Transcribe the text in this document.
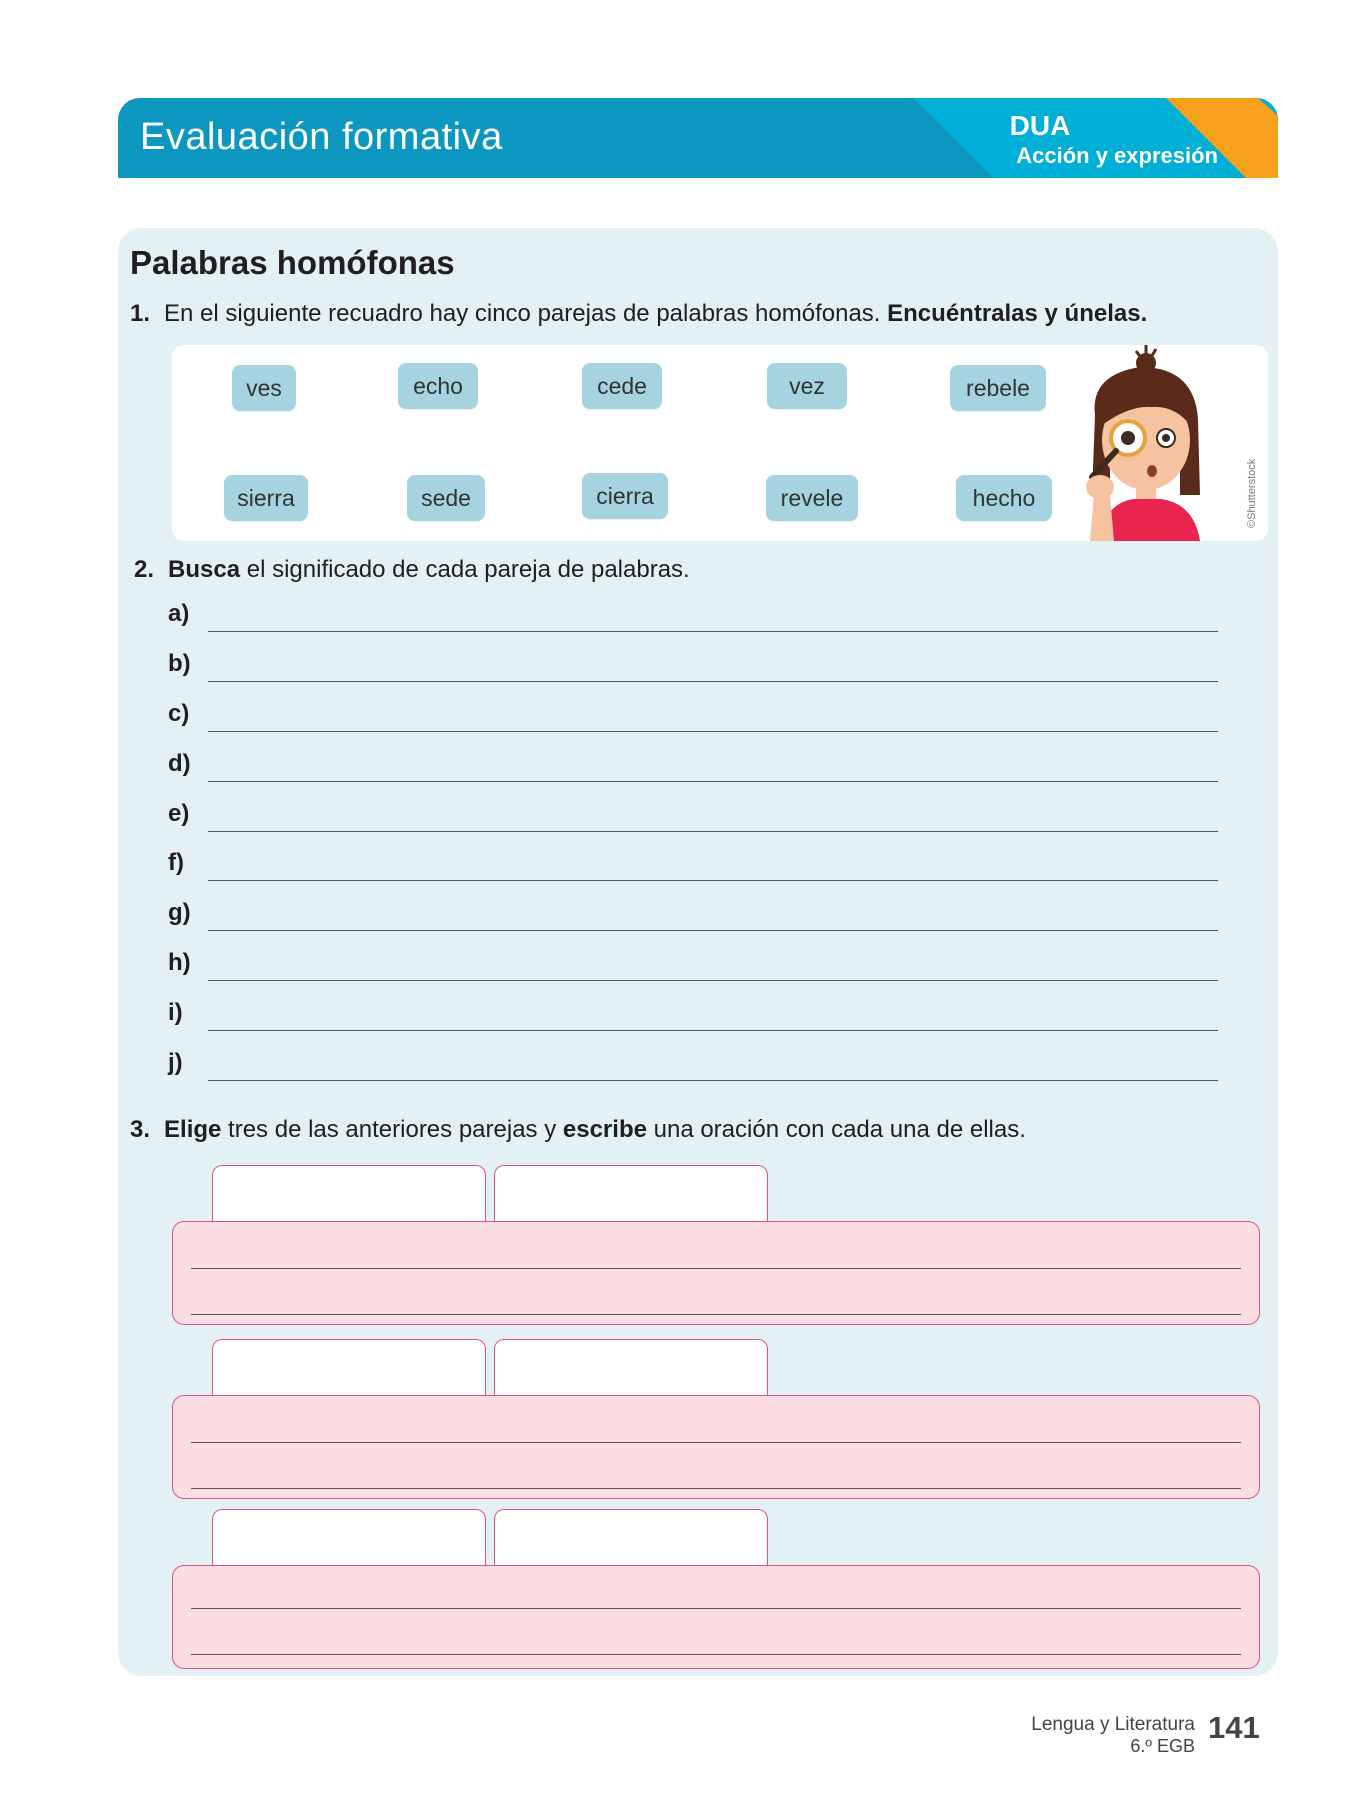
Evaluación formativa	DUA
Acción y expresión
Palabras homófonas
1. En el siguiente recuadro hay cinco parejas de palabras homófonas. Encuéntralas y únelas.
ves	echo	cede	vez	rebele
sierra	sede	cierra	revele	hecho	©Shutterstock
2. Busca el significado de cada pareja de palabras.
a)
b)
c)
d)
e)
f)
g)
h)
i)
j)
3. Elige tres de las anteriores parejas y escribe una oración con cada una de ellas.
Lengua y Literatura
6.º EGB
141
